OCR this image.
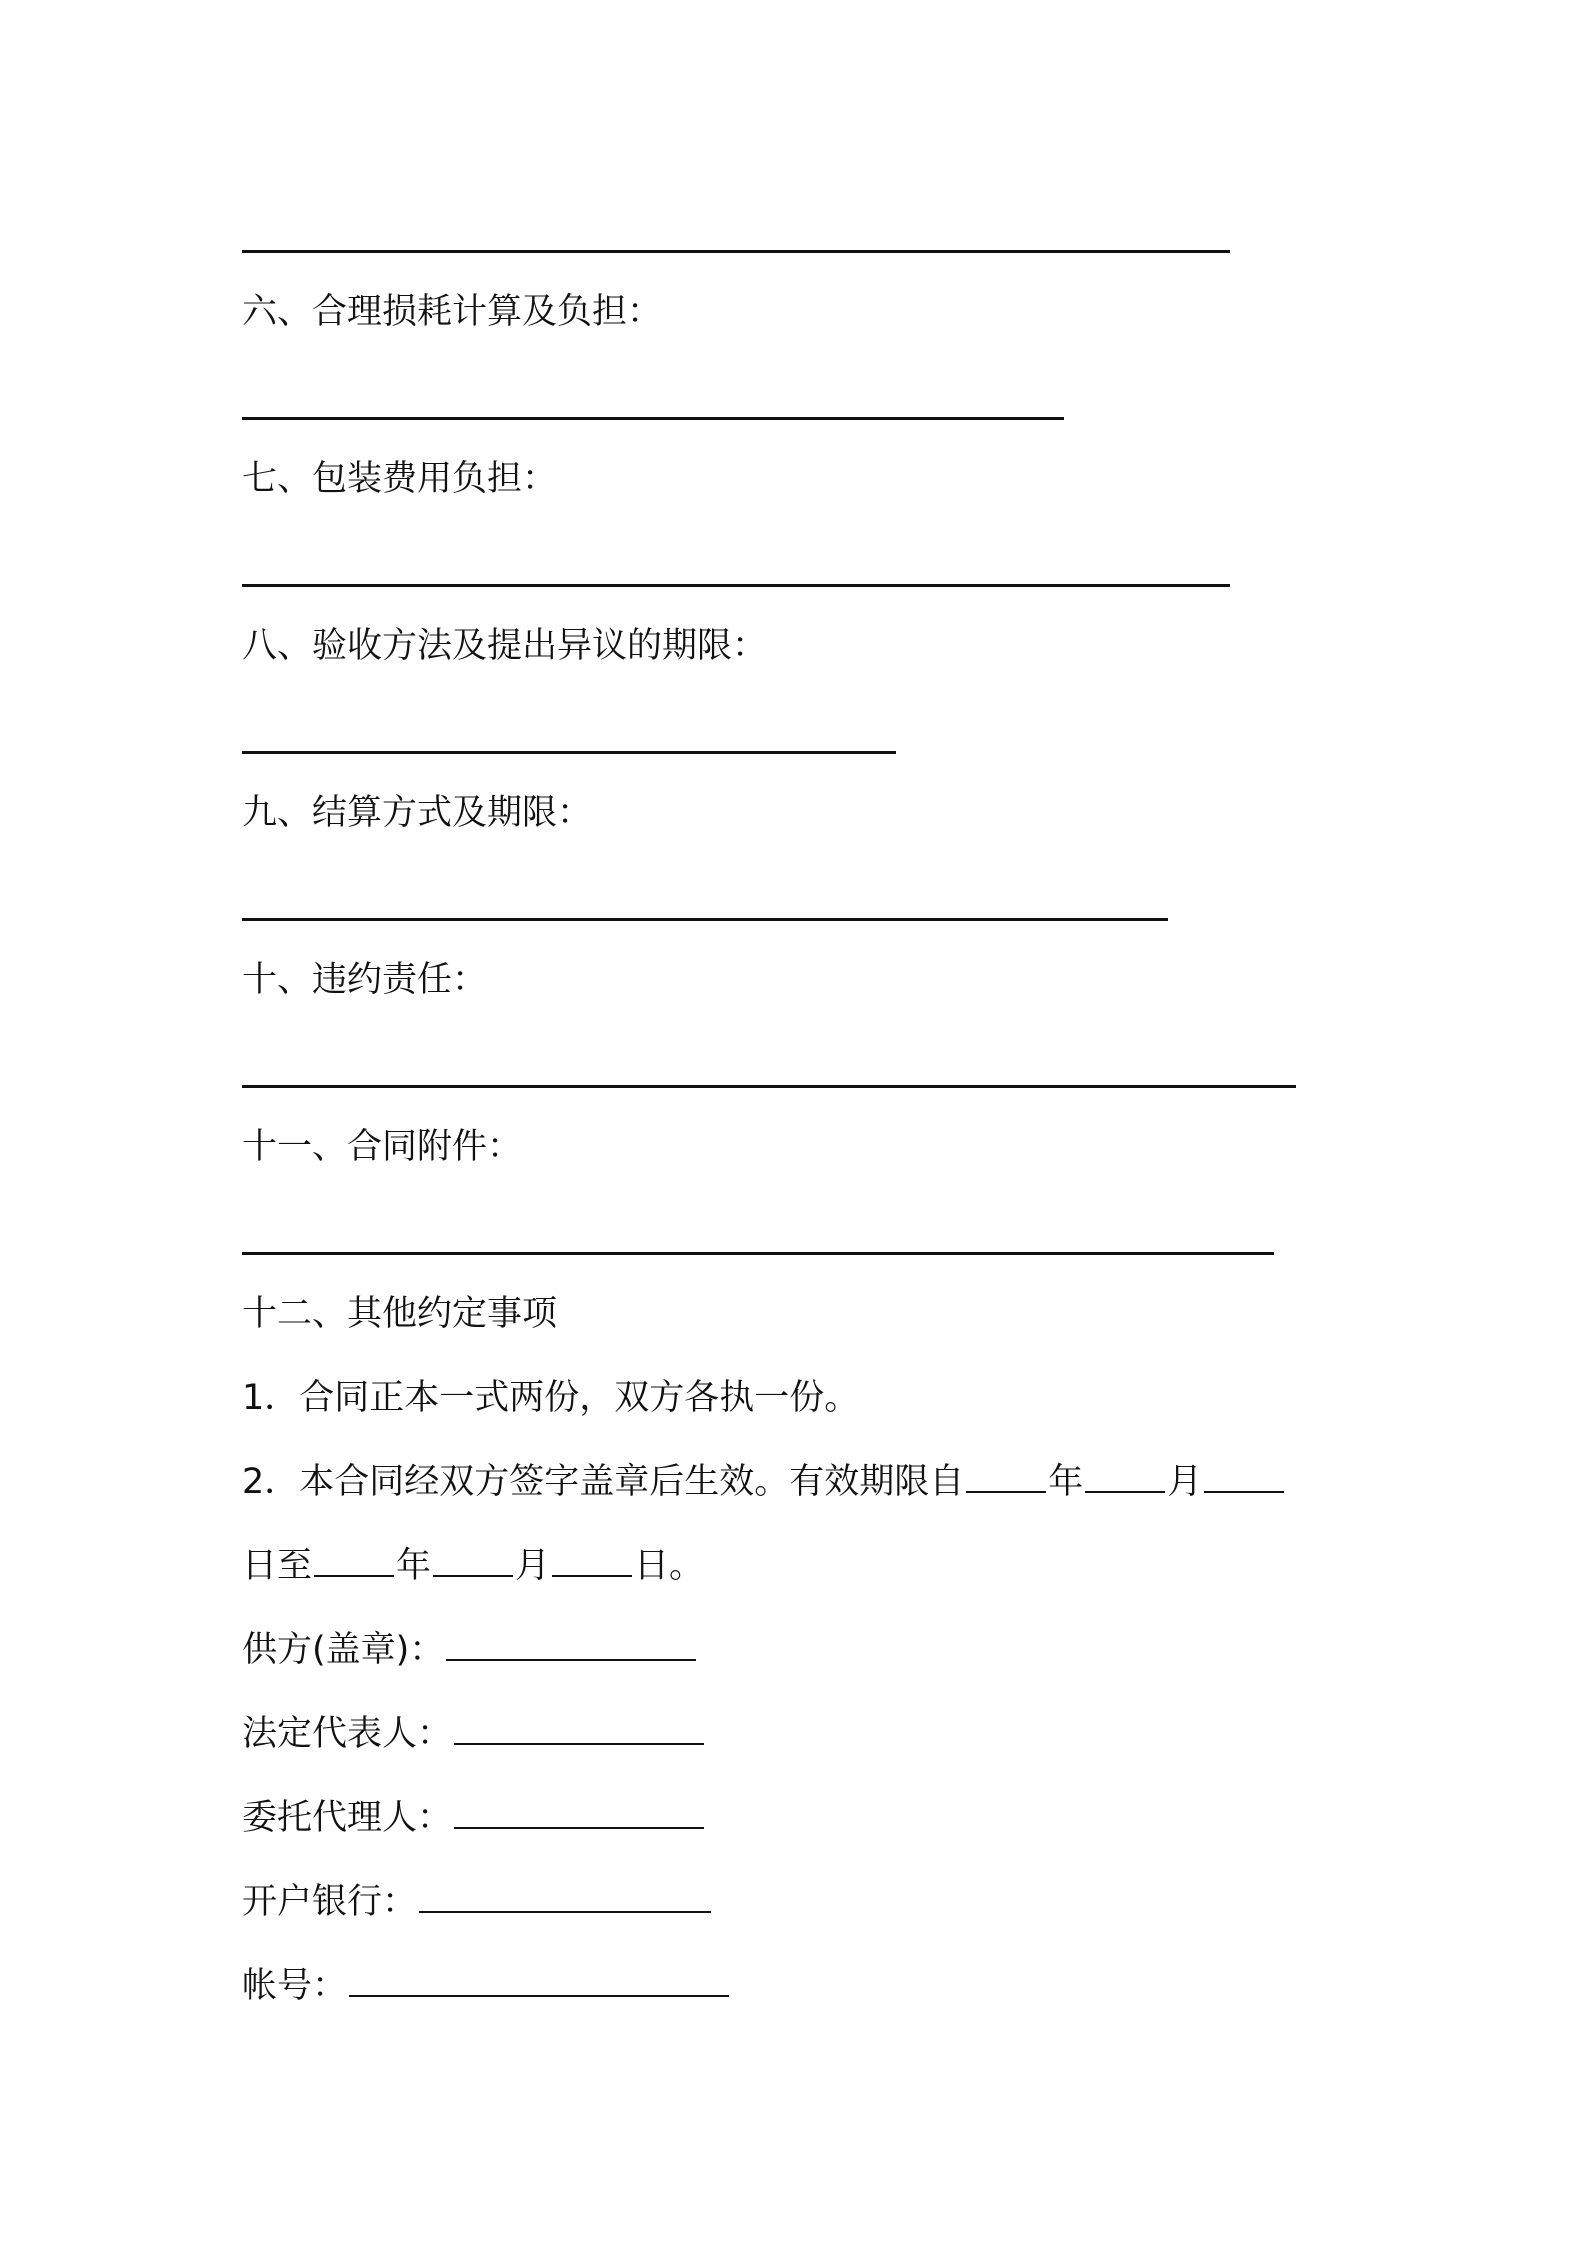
六、合理损耗计算及负担：
七、包装费用负担：
八、验收方法及提出异议的期限：
九、结算方式及期限：
十、违约责任：
十一、合同附件：
十二、其他约定事项
1．合同正本一式两份，双方各执一份。
2．本合同经双方签字盖章后生效。有效期限自 年 月
日至 年 月 日。
供方(盖章)：
法定代表人：
委托代理人：
开户银行：
帐号：
